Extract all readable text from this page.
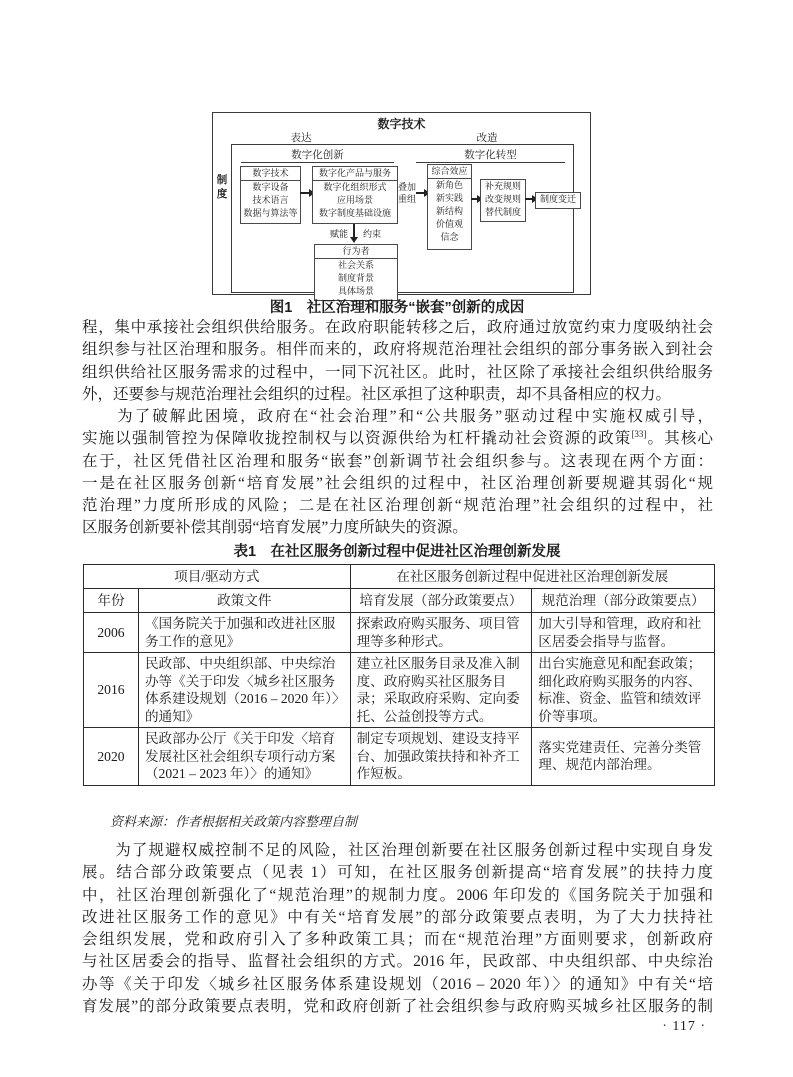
数字技术
表达	改造
制度
数字化创新	数字化转型
数字技术
数字设备
技术语言
数据与算法等
数字化产品与服务
数字化组织形式
应用场景
数字制度基础设施
叠加
重组
综合效应
新角色
新实践
新结构
价值观
信念
补充规则
改变规则
替代制度
制度变迁
赋能 约束
行为者
社会关系
制度背景
具体场景
图1　社区治理和服务“嵌套”创新的成因
程，集中承接社会组织供给服务。在政府职能转移之后，政府通过放宽约束力度吸纳社会
组织参与社区治理和服务。相伴而来的，政府将规范治理社会组织的部分事务嵌入到社会
组织供给社区服务需求的过程中，一同下沉社区。此时，社区除了承接社会组织供给服务
外，还要参与规范治理社会组织的过程。社区承担了这种职责，却不具备相应的权力。
　　为了破解此困境，政府在“社会治理”和“公共服务”驱动过程中实施权威引导，
实施以强制管控为保障收拢控制权与以资源供给为杠杆撬动社会资源的政策[33]。其核心
在于，社区凭借社区治理和服务“嵌套”创新调节社会组织参与。这表现在两个方面：
一是在社区服务创新“培育发展”社会组织的过程中，社区治理创新要规避其弱化“规
范治理”力度所形成的风险；二是在社区治理创新“规范治理”社会组织的过程中，社
区服务创新要补偿其削弱“培育发展”力度所缺失的资源。
表1　在社区服务创新过程中促进社区治理创新发展
项目/驱动方式		在社区服务创新过程中促进社区治理创新发展	
年份	政策文件	培育发展（部分政策要点）	规范治理（部分政策要点）
2006	《国务院关于加强和改进社区服务工作的意见》	探索政府购买服务、项目管理等多种形式。	加大引导和管理，政府和社区居委会指导与监督。
2016	民政部、中央组织部、中央综治办等《关于印发〈城乡社区服务体系建设规划（2016 – 2020 年）〉的通知》	建立社区服务目录及准入制度、政府购买社区服务目录；采取政府采购、定向委托、公益创投等方式。	出台实施意见和配套政策；细化政府购买服务的内容、标准、资金、监管和绩效评价等事项。
2020	民政部办公厅《关于印发〈培育发展社区社会组织专项行动方案（2021 – 2023 年）〉的通知》	制定专项规划、建设支持平台、加强政策扶持和补齐工作短板。	落实党建责任、完善分类管理、规范内部治理。
资料来源：作者根据相关政策内容整理自制
　　为了规避权威控制不足的风险，社区治理创新要在社区服务创新过程中实现自身发
展。结合部分政策要点（见表 1）可知，在社区服务创新提高“培育发展”的扶持力度
中，社区治理创新强化了“规范治理”的规制力度。2006 年印发的《国务院关于加强和
改进社区服务工作的意见》中有关“培育发展”的部分政策要点表明，为了大力扶持社
会组织发展，党和政府引入了多种政策工具；而在“规范治理”方面则要求，创新政府
与社区居委会的指导、监督社会组织的方式。2016 年，民政部、中央组织部、中央综治
办等《关于印发〈城乡社区服务体系建设规划（2016 – 2020 年）〉的通知》中有关“培
育发展”的部分政策要点表明，党和政府创新了社会组织参与政府购买城乡社区服务的制
· 117 ·
